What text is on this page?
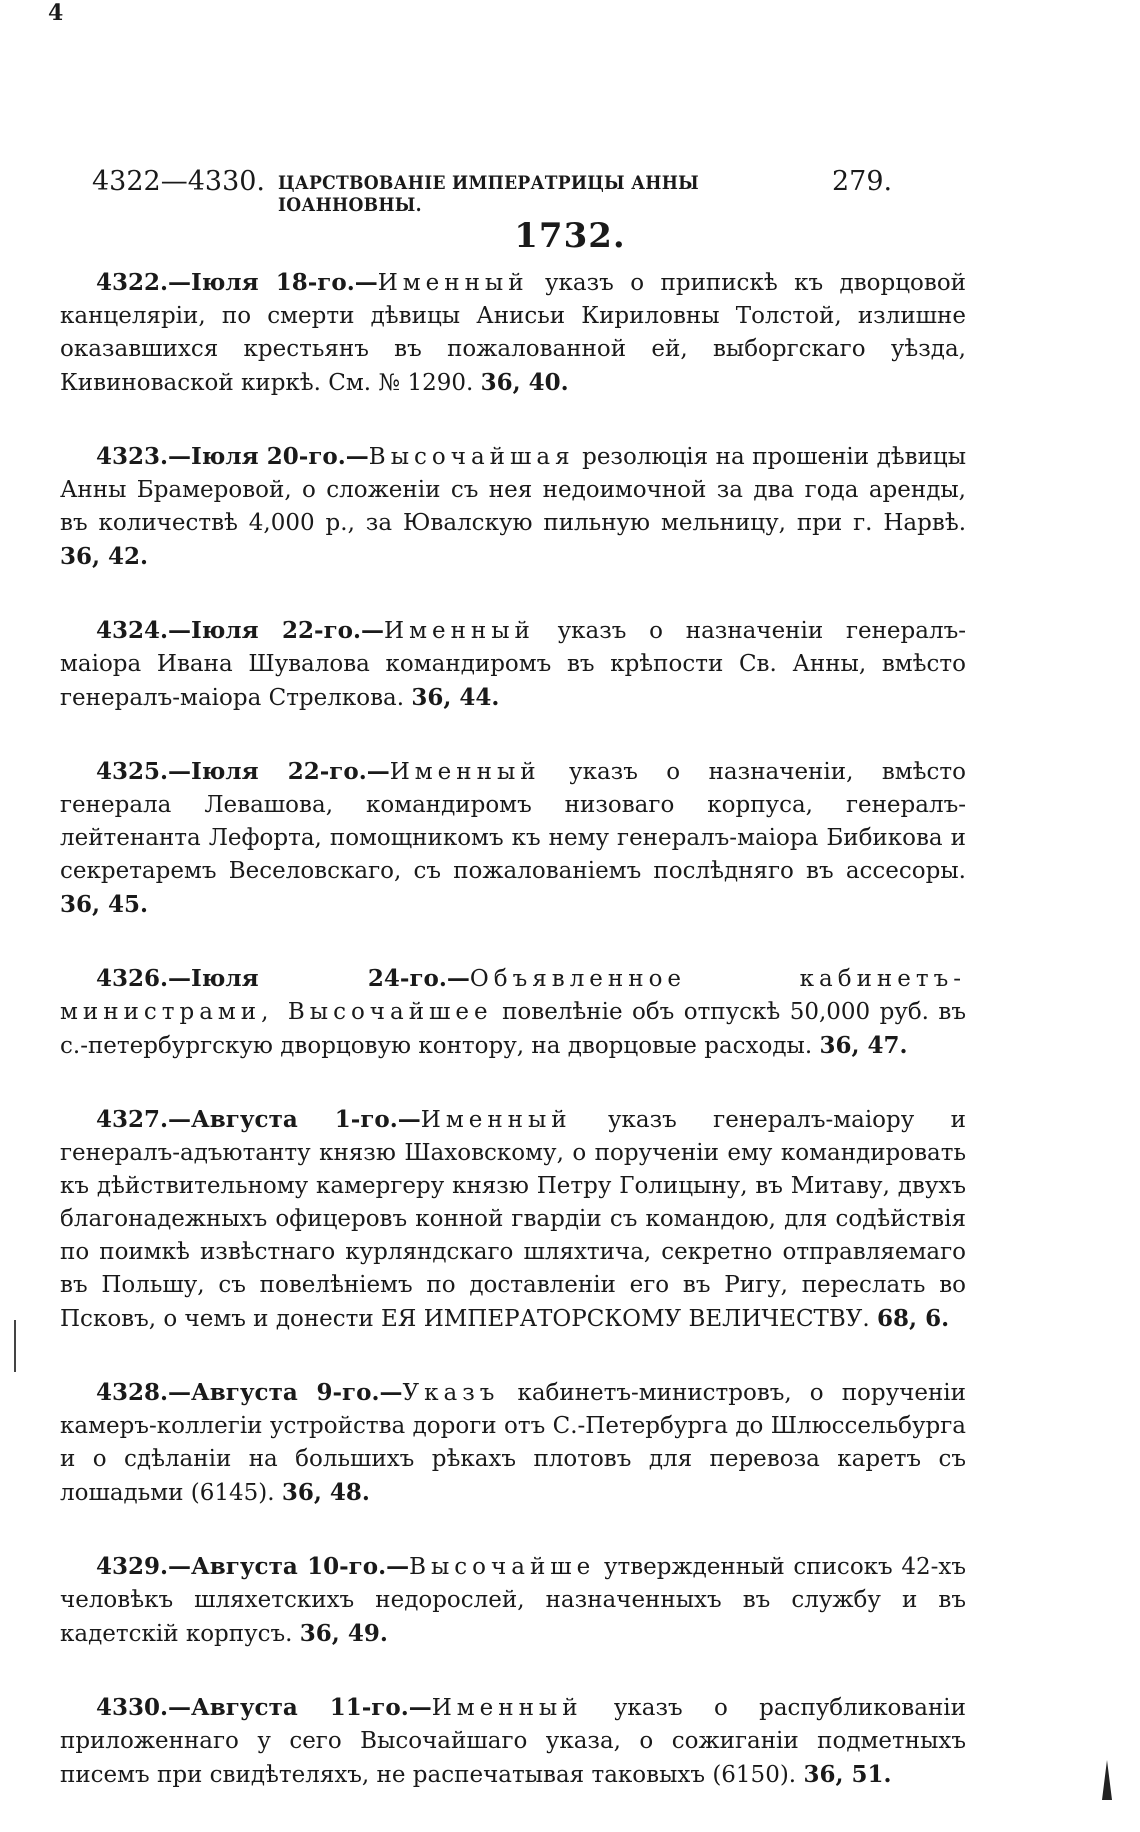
4
4322—4330. ЦАРСТВОВАНІЕ ИМПЕРАТРИЦЫ АННЫ ІОАННОВНЫ.
279.
1732.

4322.—Іюля 18-го.—Именный указъ о припискѣ къ дворцовой канцеляріи, по смерти дѣвицы Анисьи Кириловны Толстой, излишне оказавшихся крестьянъ въ пожалованной ей, выборгскаго уѣзда, Кивиноваской киркѣ. См. № 1290. 36, 40.

4323.—Іюля 20-го.—Высочайшая резолюція на прошеніи дѣвицы Анны Брамеровой, о сложеніи съ нея недоимочной за два года аренды, въ количествѣ 4,000 р., за Ювалскую пильную мельницу, при г. Нарвѣ. 36, 42.

4324.—Іюля 22-го.—Именный указъ о назначеніи генералъ-маіора Ивана Шувалова командиромъ въ крѣпости Св. Анны, вмѣсто генералъ-маіора Стрелкова. 36, 44.

4325.—Іюля 22-го.—Именный указъ о назначеніи, вмѣсто генерала Левашова, командиромъ низоваго корпуса, генералъ-лейтенанта Лефорта, помощникомъ къ нему генералъ-маіора Бибикова и секретаремъ Веселовскаго, съ пожалованіемъ послѣдняго въ ассесоры. 36, 45.

4326.—Іюля 24-го.—Объявленное кабинетъ-министрами, Высочайшее повелѣніе объ отпускѣ 50,000 руб. въ с.-петербургскую дворцовую контору, на дворцовые расходы. 36, 47.

4327.—Августа 1-го.—Именный указъ генералъ-маіору и генералъ-адъютанту князю Шаховскому, о порученіи ему командировать къ дѣйствительному камергеру князю Петру Голицыну, въ Митаву, двухъ благонадежныхъ офицеровъ конной гвардіи съ командою, для содѣйствія по поимкѣ извѣстнаго курляндскаго шляхтича, секретно отправляемаго въ Польшу, съ повелѣніемъ по доставленіи его въ Ригу, переслать во Псковъ, о чемъ и донести ЕЯ ИМПЕРАТОРСКОМУ ВЕЛИЧЕСТВУ. 68, 6.

4328.—Августа 9-го.—Указъ кабинетъ-министровъ, о порученіи камеръ-коллегіи устройства дороги отъ С.-Петербурга до Шлюссельбурга и о сдѣланіи на большихъ рѣкахъ плотовъ для перевоза каретъ съ лошадьми (6145). 36, 48.

4329.—Августа 10-го.—Высочайше утвержденный списокъ 42-хъ человѣкъ шляхетскихъ недорослей, назначенныхъ въ службу и въ кадетскій корпусъ. 36, 49.

4330.—Августа 11-го.—Именный указъ о распубликованіи приложеннаго у сего Высочайшаго указа, о сожиганіи подметныхъ писемъ при свидѣтеляхъ, не распечатывая таковыхъ (6150). 36, 51.
